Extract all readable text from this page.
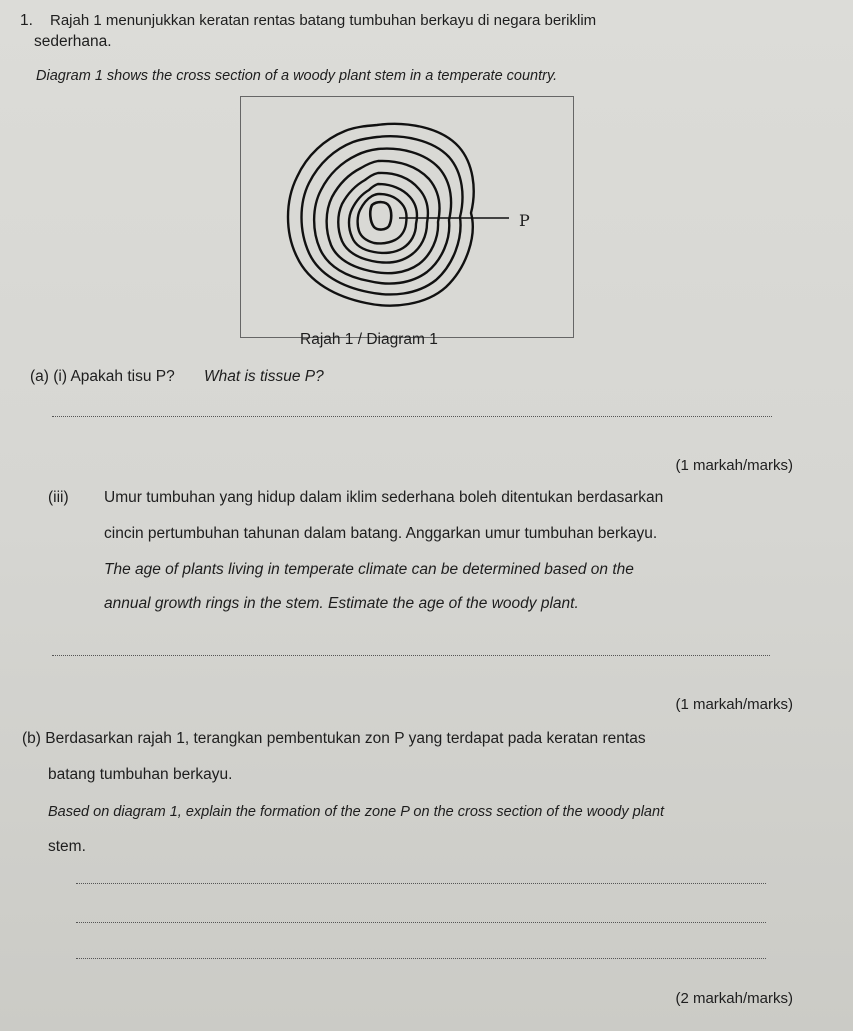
1. Rajah 1 menunjukkan keratan rentas batang tumbuhan berkayu di negara beriklim
sederhana.
Diagram 1 shows the cross section of a woody plant stem in a temperate country.
P
Rajah 1 / Diagram 1
(a) (i) Apakah tisu P? What is tissue P?
(1 markah/marks)
(iii) Umur tumbuhan yang hidup dalam iklim sederhana boleh ditentukan berdasarkan
cincin pertumbuhan tahunan dalam batang. Anggarkan umur tumbuhan berkayu.
The age of plants living in temperate climate can be determined based on the
annual growth rings in the stem. Estimate the age of the woody plant.
(1 markah/marks)
(b) Berdasarkan rajah 1, terangkan pembentukan zon P yang terdapat pada keratan rentas
batang tumbuhan berkayu.
Based on diagram 1, explain the formation of the zone P on the cross section of the woody plant
stem.
(2 markah/marks)
